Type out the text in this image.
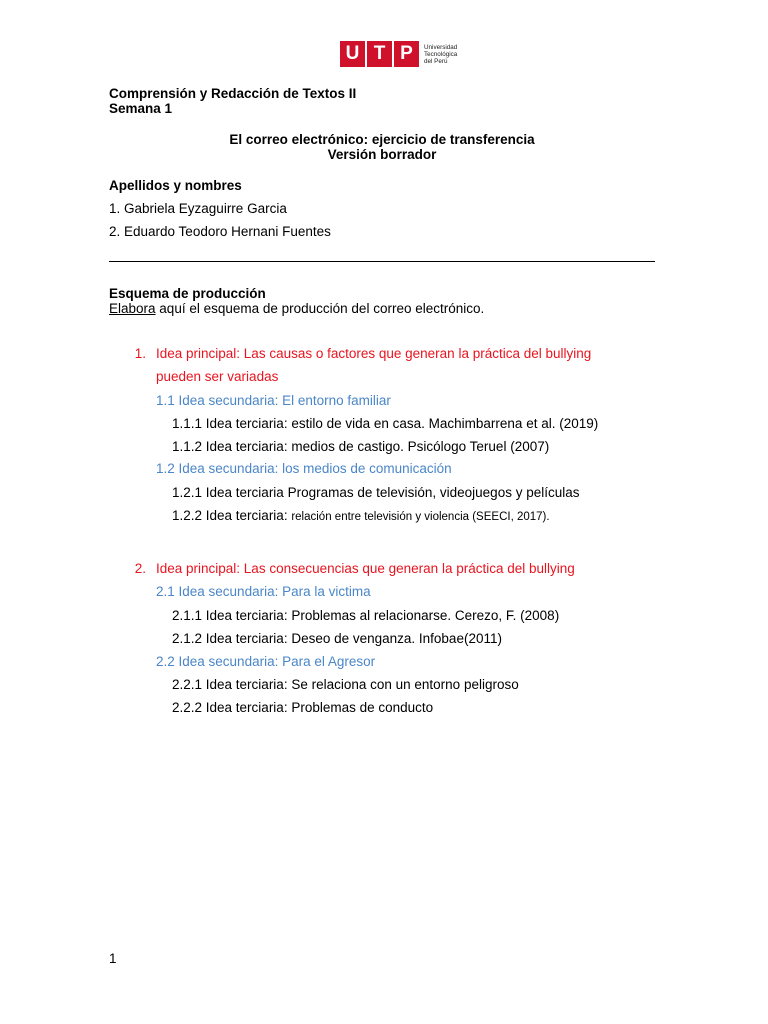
U T P	Universidad
Tecnológica
del Perú
Comprensión y Redacción de Textos II
Semana 1
El correo electrónico: ejercicio de transferencia
Versión borrador
Apellidos y nombres
1. Gabriela Eyzaguirre Garcia
2. Eduardo Teodoro Hernani Fuentes
Esquema de producción
Elabora aquí el esquema de producción del correo electrónico.
1. Idea principal: Las causas o factores que generan la práctica del bullying
pueden ser variadas
1.1 Idea secundaria: El entorno familiar
1.1.1 Idea terciaria: estilo de vida en casa. Machimbarrena et al. (2019)
1.1.2 Idea terciaria: medios de castigo. Psicólogo Teruel (2007)
1.2 Idea secundaria: los medios de comunicación
1.2.1 Idea terciaria Programas de televisión, videojuegos y películas
1.2.2 Idea terciaria: relación entre televisión y violencia (SEECI, 2017).
2. Idea principal: Las consecuencias que generan la práctica del bullying
2.1 Idea secundaria: Para la victima
2.1.1 Idea terciaria: Problemas al relacionarse. Cerezo, F. (2008)
2.1.2 Idea terciaria: Deseo de venganza. Infobae(2011)
2.2 Idea secundaria: Para el Agresor
2.2.1 Idea terciaria: Se relaciona con un entorno peligroso
2.2.2 Idea terciaria: Problemas de conducto
1
